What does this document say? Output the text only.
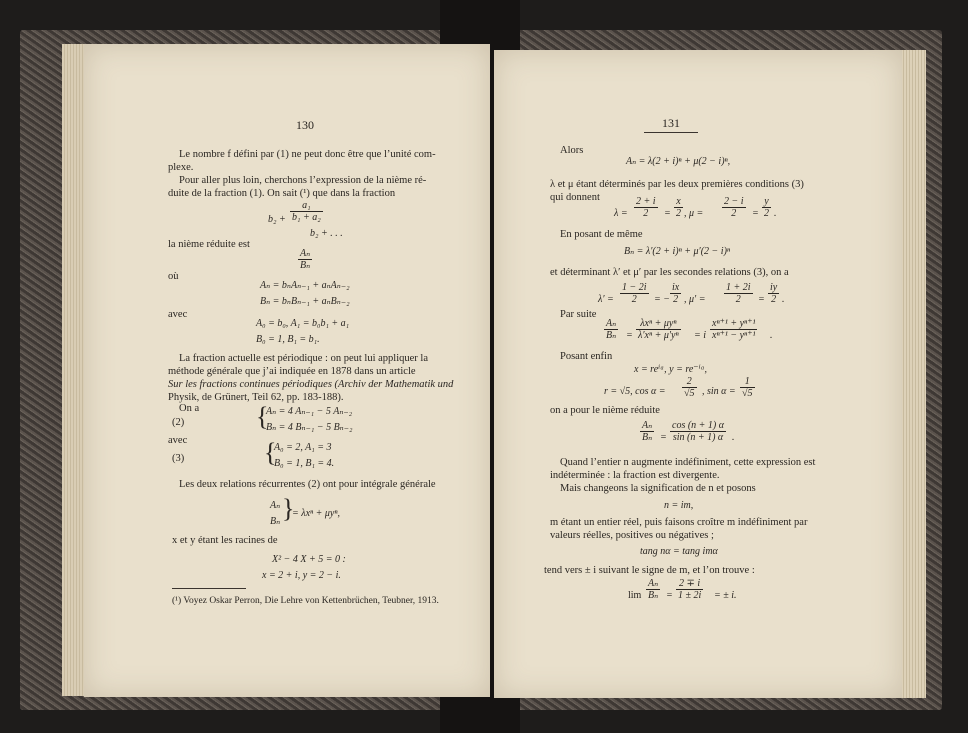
130
Le nombre f défini par (1) ne peut donc être que l’unité com-
plexe.
Pour aller plus loin, cherchons l’expression de la nième ré-
duite de la fraction (1). On sait (¹) que dans la fraction
$b_2 + \frac{\text{a₁}}{\text{b₁ + a₂}}$
b₂ + . . .
la nième réduite est
$\frac{\text{Aₙ}}{\text{Bₙ}}$
où
Aₙ = bₙAₙ₋₁ + aₙAₙ₋₂
Bₙ = bₙBₙ₋₁ + aₙBₙ₋₂
avec
A₀ = b₀, A₁ = b₀b₁ + a₁
B₀ = 1, B₁ = b₁.
La fraction actuelle est périodique : on peut lui appliquer la
méthode générale que j’ai indiquée en 1878 dans un article
Sur les fractions continues périodiques (Archiv der Mathematik und
Physik, de Grünert, Teil 62, pp. 183-188).
On a
(2)	{
Aₙ = 4 Aₙ₋₁ − 5 Aₙ₋₂
Bₙ = 4 Bₙ₋₁ − 5 Bₙ₋₂
avec
(3)	{
A₀ = 2, A₁ = 3
B₀ = 1, B₁ = 4.
Les deux relations récurrentes (2) ont pour intégrale générale
Aₙ
Bₙ }
= λxⁿ + μyⁿ,
x et y étant les racines de
X² − 4 X + 5 = 0 :
x = 2 + i, y = 2 − i.
(¹) Voyez Oskar Perron, Die Lehre von Kettenbrüchen, Teubner, 1913.
131
Alors
Aₙ = λ(2 + i)ⁿ + μ(2 − i)ⁿ,
λ et μ étant déterminés par les deux premières conditions (3)
qui donnent
$\lambda = \frac{2 + i}{2} = \frac{x}{2}$ , $\mu = \frac{2 - i}{2} = \frac{y}{2}$ .
En posant de même
Bₙ = λ′(2 + i)ⁿ + μ′(2 − i)ⁿ
et déterminant λ′ et μ′ par les secondes relations (3), on a
$\lambda' = \frac{1 - 2i}{2}$ = − $\frac{ix}{2}$ , $\mu' = \frac{1 + 2i}{2} = \frac{iy}{2}$ .
Par suite
$\frac{\text{Aₙ}}{\text{Bₙ}}$ =
λxⁿ + μyⁿ
λ′xⁿ + μ′yⁿ = i $\frac{\text{xⁿ⁺¹ + yⁿ⁺¹}}{\text{xⁿ⁺¹ − yⁿ⁺¹}}$ .
Posant enfin
x = reⁱᵅ, y = re⁻ⁱᵅ,
r = √5, $\cos \alpha = \frac{2}{√5}$ , $\sin \alpha = \frac{1}{√5}$
on a pour le nième réduite
$\frac{\text{Aₙ}}{\text{Bₙ}} = \frac{\cos (n + 1) \alpha}{\sin (n + 1) \alpha}$ .
Quand l’entier n augmente indéfiniment, cette expression est
indéterminée : la fraction est divergente.
Mais changeons la signification de n et posons
n = im,
m étant un entier réel, puis faisons croître m indéfiniment par
valeurs réelles, positives ou négatives ;
tang nα = tang imα
tend vers ± i suivant le signe de m, et l’on trouve :
$\lim \frac{\text{Aₙ}}{\text{Bₙ}} = \frac{2 \mp i}{1 \pm 2i}$ = ± i.
